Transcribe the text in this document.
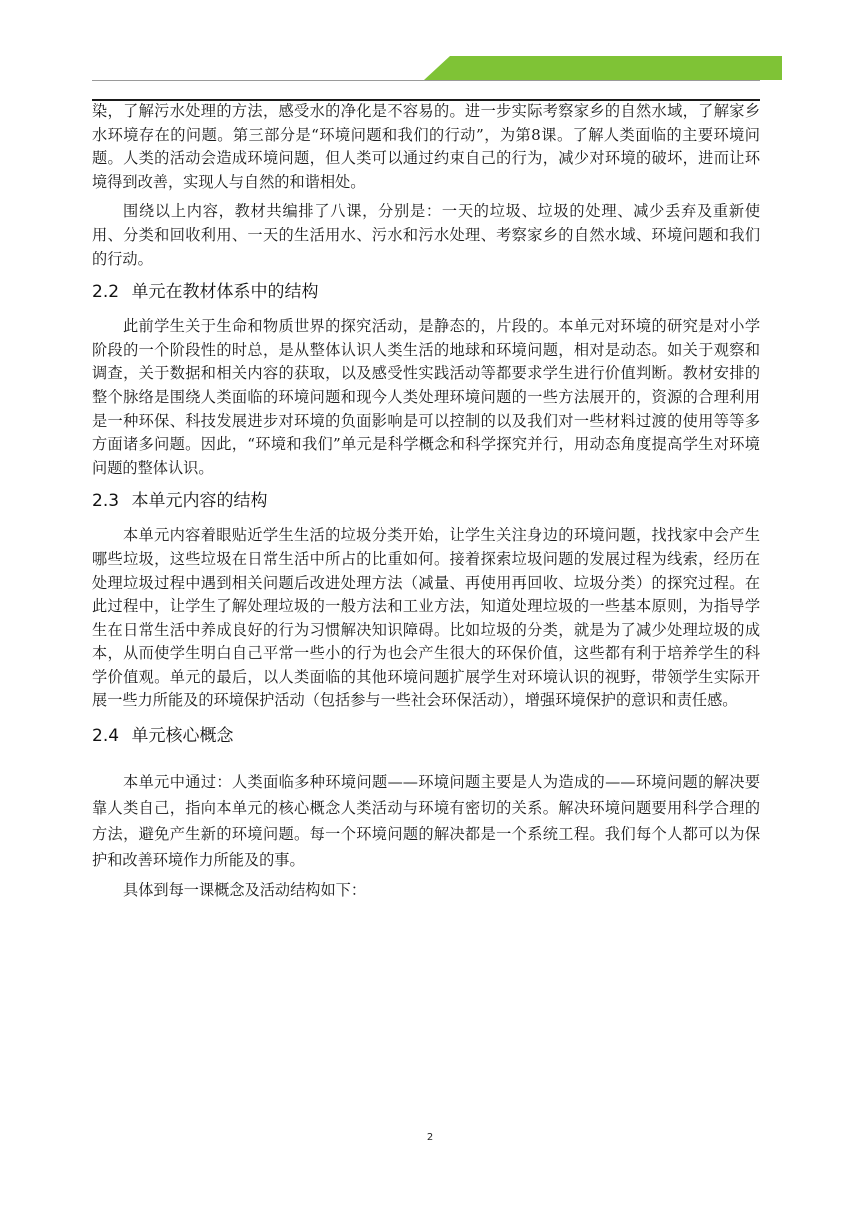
染，了解污水处理的方法，感受水的净化是不容易的。进一步实际考察家乡的自然水域，了解家乡水环境存在的问题。第三部分是“环境问题和我们的行动”，为第8课。了解人类面临的主要环境问题。人类的活动会造成环境问题，但人类可以通过约束自己的行为，减少对环境的破坏，进而让环境得到改善，实现人与自然的和谐相处。

围绕以上内容，教材共编排了八课，分别是：一天的垃圾、垃圾的处理、减少丢弃及重新使用、分类和回收利用、一天的生活用水、污水和污水处理、考察家乡的自然水域、环境问题和我们的行动。

2.2 单元在教材体系中的结构

此前学生关于生命和物质世界的探究活动，是静态的，片段的。本单元对环境的研究是对小学阶段的一个阶段性的时总，是从整体认识人类生活的地球和环境问题，相对是动态。如关于观察和调查，关于数据和相关内容的获取，以及感受性实践活动等都要求学生进行价值判断。教材安排的整个脉络是围绕人类面临的环境问题和现今人类处理环境问题的一些方法展开的，资源的合理利用是一种环保、科技发展进步对环境的负面影响是可以控制的以及我们对一些材料过渡的使用等等多方面诸多问题。因此，“环境和我们”单元是科学概念和科学探究并行，用动态角度提高学生对环境问题的整体认识。

2.3 本单元内容的结构

本单元内容着眼贴近学生生活的垃圾分类开始，让学生关注身边的环境问题，找找家中会产生哪些垃圾，这些垃圾在日常生活中所占的比重如何。接着探索垃圾问题的发展过程为线索，经历在处理垃圾过程中遇到相关问题后改进处理方法（减量、再使用再回收、垃圾分类）的探究过程。在此过程中，让学生了解处理垃圾的一般方法和工业方法，知道处理垃圾的一些基本原则，为指导学生在日常生活中养成良好的行为习惯解决知识障碍。比如垃圾的分类，就是为了减少处理垃圾的成本，从而使学生明白自己平常一些小的行为也会产生很大的环保价值，这些都有利于培养学生的科学价值观。单元的最后，以人类面临的其他环境问题扩展学生对环境认识的视野，带领学生实际开展一些力所能及的环境保护活动（包括参与一些社会环保活动），增强环境保护的意识和责任感。

2.4 单元核心概念

本单元中通过：人类面临多种环境问题——环境问题主要是人为造成的——环境问题的解决要靠人类自己，指向本单元的核心概念人类活动与环境有密切的关系。解决环境问题要用科学合理的方法，避免产生新的环境问题。每一个环境问题的解决都是一个系统工程。我们每个人都可以为保护和改善环境作力所能及的事。

具体到每一课概念及活动结构如下：

2
